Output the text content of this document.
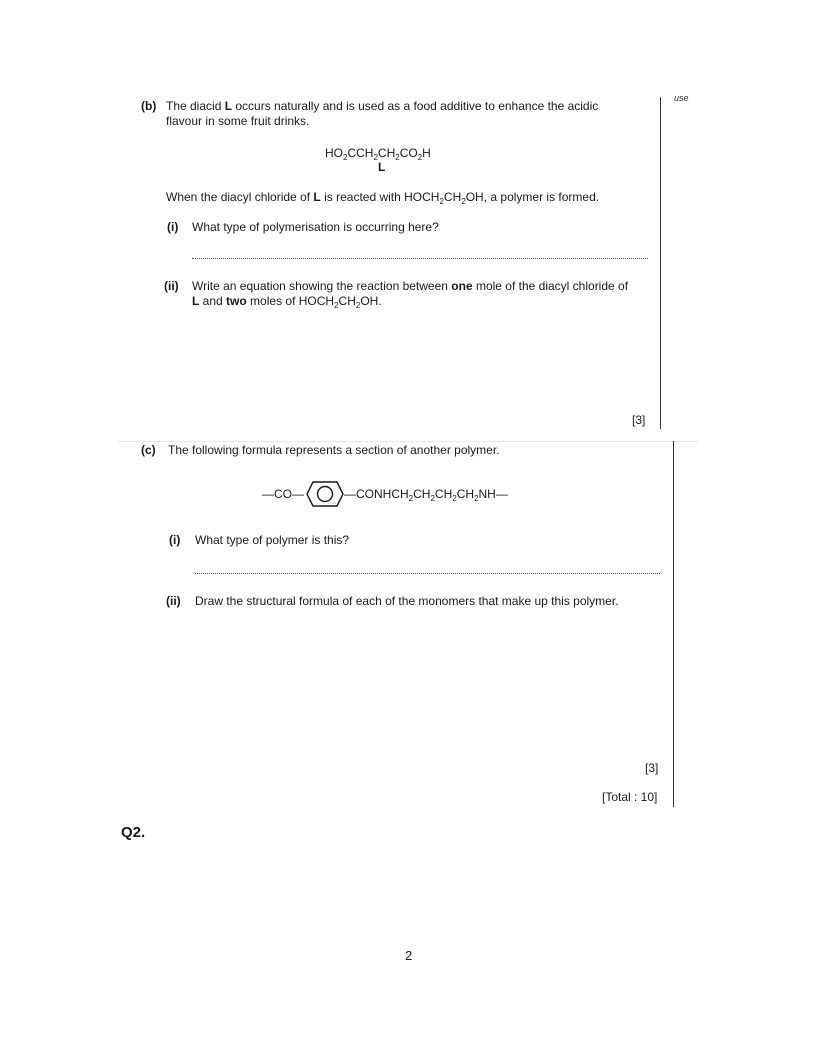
use
(b) The diacid L occurs naturally and is used as a food additive to enhance the acidic
flavour in some fruit drinks.
$HO_2CCH_2CH_2CO_2H$
L
When the diacyl chloride of L is reacted with $HOCH_2CH_2OH$, a polymer is formed.
(i) What type of polymerisation is occurring here?
(ii) Write an equation showing the reaction between one mole of the diacyl chloride of
L and two moles of $HOCH_2CH_2OH$.
[3]
(c) The following formula represents a section of another polymer.
—CO—	$—CONHCH_2CH_2CH_2CH_2NH—$
(i) What type of polymer is this?
(ii) Draw the structural formula of each of the monomers that make up this polymer.
[3]
[Total : 10]
Q2.
2
